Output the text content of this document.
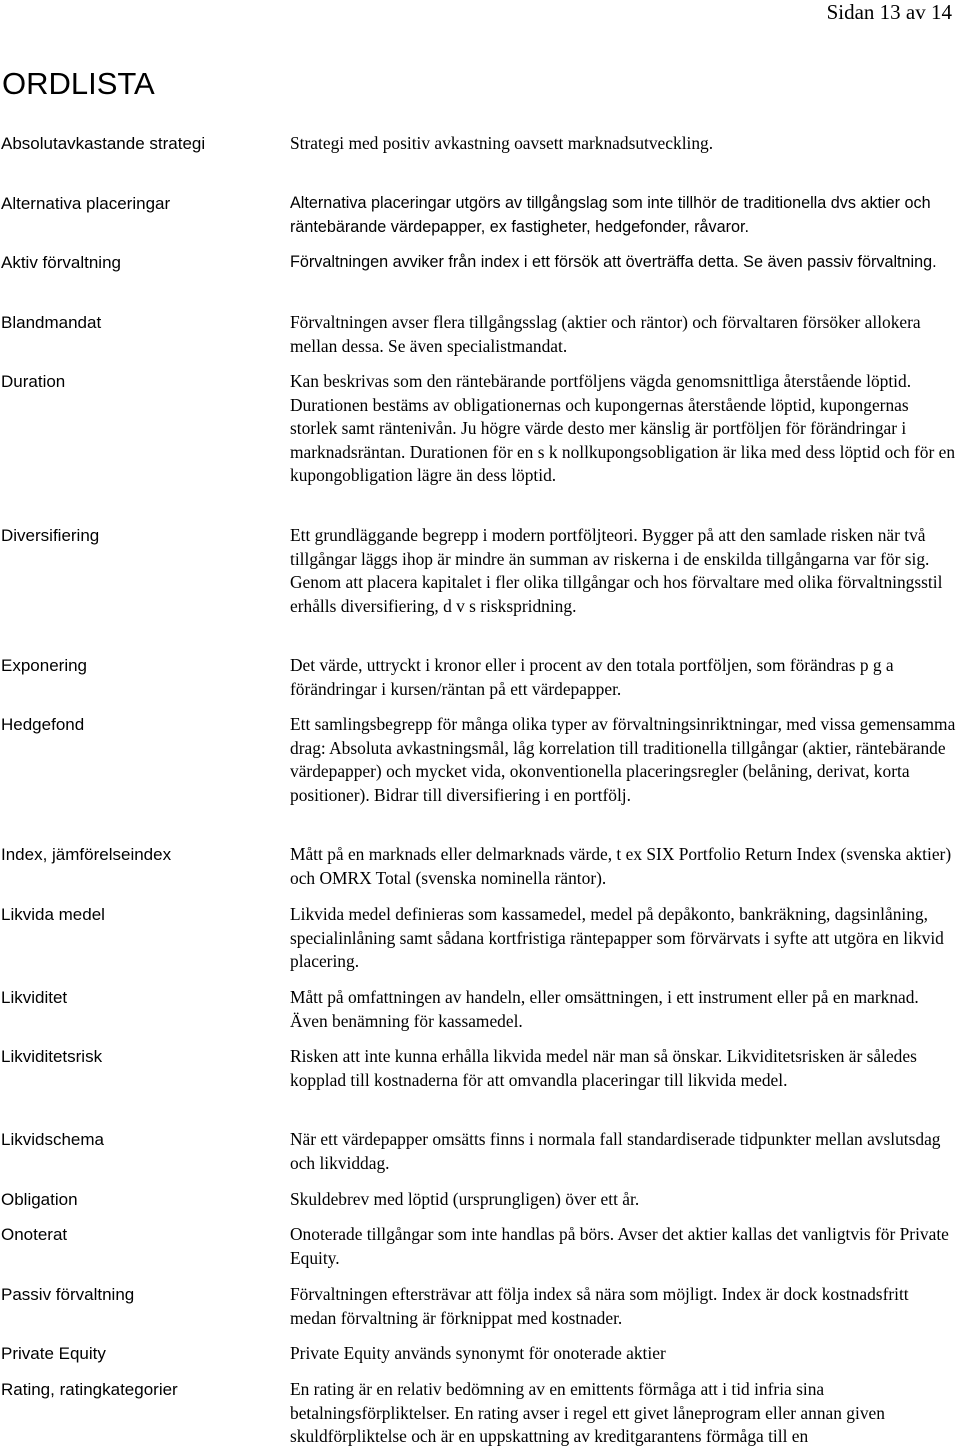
Sidan 13 av 14
ORDLISTA
Absolutavkastande strategi	Strategi med positiv avkastning oavsett marknadsutveckling.
Alternativa placeringar	Alternativa placeringar utgörs av tillgångslag som inte tillhör de traditionella dvs aktier och räntebärande värdepapper, ex fastigheter, hedgefonder, råvaror.
Aktiv förvaltning	Förvaltningen avviker från index i ett försök att överträffa detta. Se även passiv förvaltning.
Blandmandat	Förvaltningen avser flera tillgångsslag (aktier och räntor) och förvaltaren försöker allokera mellan dessa. Se även specialistmandat.
Duration	Kan beskrivas som den räntebärande portföljens vägda genomsnittliga återstående löptid. Durationen bestäms av obligationernas och kupongernas återstående löptid, kupongernas storlek samt räntenivån. Ju högre värde desto mer känslig är portföljen för förändringar i marknadsräntan. Durationen för en s k nollkupongsobligation är lika med dess löptid och för en kupongobligation lägre än dess löptid.
Diversifiering	Ett grundläggande begrepp i modern portföljteori. Bygger på att den samlade risken när två tillgångar läggs ihop är mindre än summan av riskerna i de enskilda tillgångarna var för sig. Genom att placera kapitalet i fler olika tillgångar och hos förvaltare med olika förvaltningsstil erhålls diversifiering, d v s riskspridning.
Exponering	Det värde, uttryckt i kronor eller i procent av den totala portföljen, som förändras p g a förändringar i kursen/räntan på ett värdepapper.
Hedgefond	Ett samlingsbegrepp för många olika typer av förvaltningsinriktningar, med vissa gemensamma drag: Absoluta avkastningsmål, låg korrelation till traditionella tillgångar (aktier, räntebärande värdepapper) och mycket vida, okonventionella placeringsregler (belåning, derivat, korta positioner). Bidrar till diversifiering i en portfölj.
Index, jämförelseindex	Mått på en marknads eller delmarknads värde, t ex SIX Portfolio Return Index (svenska aktier) och OMRX Total (svenska nominella räntor).
Likvida medel	Likvida medel definieras som kassamedel, medel på depåkonto, bankräkning, dagsinlåning, specialinlåning samt sådana kortfristiga räntepapper som förvärvats i syfte att utgöra en likvid placering.
Likviditet	Mått på omfattningen av handeln, eller omsättningen, i ett instrument eller på en marknad. Även benämning för kassamedel.
Likviditetsrisk	Risken att inte kunna erhålla likvida medel när man så önskar. Likviditetsrisken är således kopplad till kostnaderna för att omvandla placeringar till likvida medel.
Likvidschema	När ett värdepapper omsätts finns i normala fall standardiserade tidpunkter mellan avslutsdag och likviddag.
Obligation	Skuldebrev med löptid (ursprungligen) över ett år.
Onoterat	Onoterade tillgångar som inte handlas på börs. Avser det aktier kallas det vanligtvis för Private Equity.
Passiv förvaltning	Förvaltningen eftersträvar att följa index så nära som möjligt. Index är dock kostnadsfritt medan förvaltning är förknippat med kostnader.
Private Equity	Private Equity används synonymt för onoterade aktier
Rating, ratingkategorier	En rating är en relativ bedömning av en emittents förmåga att i tid infria sina betalningsförpliktelser. En rating avser i regel ett givet låneprogram eller annan given skuldförpliktelse och är en uppskattning av kreditgarantens förmåga till en
